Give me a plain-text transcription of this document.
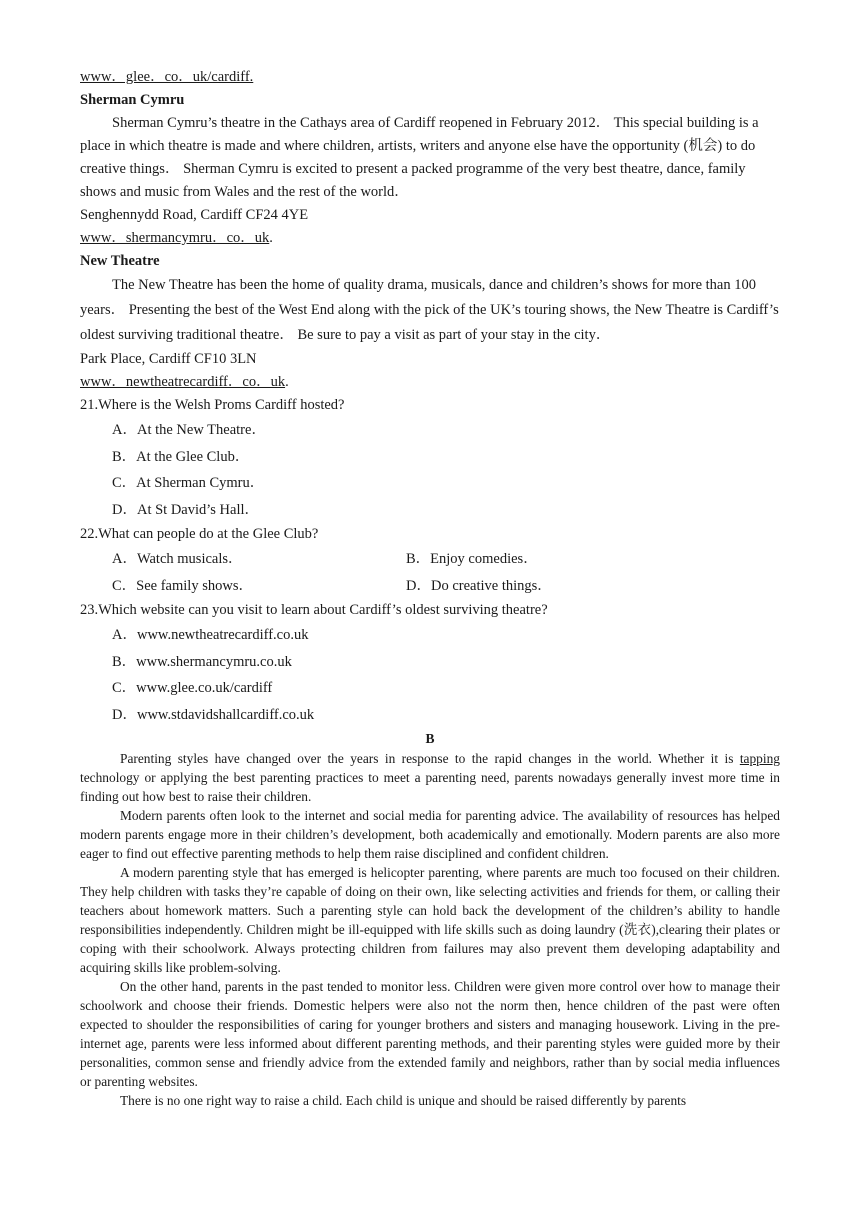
www．glee．co．uk/cardiff.
Sherman Cymru
Sherman Cymru’s theatre in the Cathays area of Cardiff reopened in February 2012． This special building is a place in which theatre is made and where children, artists, writers and anyone else have the opportunity (机会) to do creative things． Sherman Cymru is excited to present a packed programme of the very best theatre, dance, family shows and music from Wales and the rest of the world．
Senghennydd Road, Cardiff CF24 4YE
www．shermancymru．co．uk.
New Theatre
The New Theatre has been the home of quality drama, musicals, dance and children’s shows for more than 100 years． Presenting the best of the West End along with the pick of the UK’s touring shows, the New Theatre is Cardiff’s oldest surviving traditional theatre． Be sure to pay a visit as part of your stay in the city．
Park Place, Cardiff CF10 3LN
www．newtheatrecardiff．co．uk.
21.Where is the Welsh Proms Cardiff hosted?
A．At the New Theatre．
B．At the Glee Club．
C．At Sherman Cymru．
D．At St David’s Hall．
22.What can people do at the Glee Club?
A．Watch musicals．	B．Enjoy comedies．
C．See family shows．	D．Do creative things．
23.Which website can you visit to learn about Cardiff’s oldest surviving theatre?
A．www.newtheatrecardiff.co.uk
B．www.shermancymru.co.uk
C．www.glee.co.uk/cardiff
D．www.stdavidshallcardiff.co.uk
B
Parenting styles have changed over the years in response to the rapid changes in the world. Whether it is tapping technology or applying the best parenting practices to meet a parenting need, parents nowadays generally invest more time in finding out how best to raise their children.
Modern parents often look to the internet and social media for parenting advice. The availability of resources has helped modern parents engage more in their children’s development, both academically and emotionally. Modern parents are also more eager to find out effective parenting methods to help them raise disciplined and confident children.
A modern parenting style that has emerged is helicopter parenting, where parents are much too focused on their children. They help children with tasks they’re capable of doing on their own, like selecting activities and friends for them, or calling their teachers about homework matters. Such a parenting style can hold back the development of the children’s ability to handle responsibilities independently. Children might be ill-equipped with life skills such as doing laundry (洗衣),clearing their plates or coping with their schoolwork. Always protecting children from failures may also prevent them developing adaptability and acquiring skills like problem-solving.
On the other hand, parents in the past tended to monitor less. Children were given more control over how to manage their schoolwork and choose their friends. Domestic helpers were also not the norm then, hence children of the past were often expected to shoulder the responsibilities of caring for younger brothers and sisters and managing housework. Living in the pre-internet age, parents were less informed about different parenting methods, and their parenting styles were guided more by their personalities, common sense and friendly advice from the extended family and neighbors, rather than by social media influences or parenting websites.
There is no one right way to raise a child. Each child is unique and should be raised differently by parents
